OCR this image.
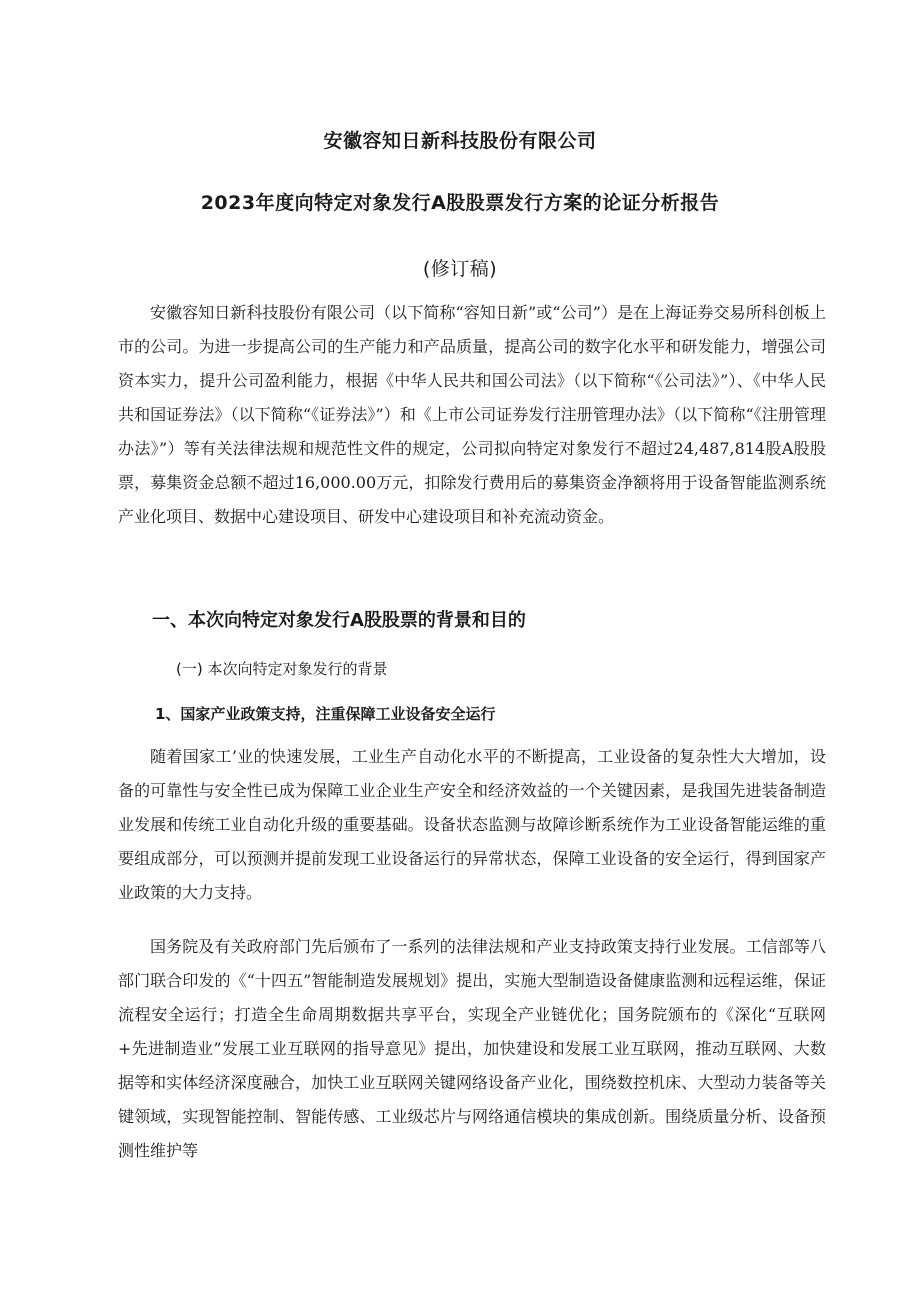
安徽容知日新科技股份有限公司
2023年度向特定对象发行A股股票发行方案的论证分析报告
(修订稿)

安徽容知日新科技股份有限公司（以下简称“容知日新”或“公司”）是在上海证券交易所科创板上市的公司。为进一步提高公司的生产能力和产品质量，提高公司的数字化水平和研发能力，增强公司资本实力，提升公司盈利能力，根据《中华人民共和国公司法》（以下简称“《公司法》”）、《中华人民共和国证券法》（以下简称“《证券法》”）和《上市公司证券发行注册管理办法》（以下简称“《注册管理办法》”）等有关法律法规和规范性文件的规定，公司拟向特定对象发行不超过24,487,814股A股股票，募集资金总额不超过16,000.00万元，扣除发行费用后的募集资金净额将用于设备智能监测系统产业化项目、数据中心建设项目、研发中心建设项目和补充流动资金。

一、本次向特定对象发行A股股票的背景和目的
(一) 本次向特定对象发行的背景
1、国家产业政策支持，注重保障工业设备安全运行

随着国家工’业的快速发展，工业生产自动化水平的不断提高，工业设备的复杂性大大增加，设备的可靠性与安全性已成为保障工业企业生产安全和经济效益的一个关键因素，是我国先进装备制造业发展和传统工业自动化升级的重要基础。设备状态监测与故障诊断系统作为工业设备智能运维的重要组成部分，可以预测并提前发现工业设备运行的异常状态，保障工业设备的安全运行，得到国家产业政策的大力支持。

国务院及有关政府部门先后颁布了一系列的法律法规和产业支持政策支持行业发展。工信部等八部门联合印发的《“十四五”智能制造发展规划》提出，实施大型制造设备健康监测和远程运维，保证流程安全运行；打造全生命周期数据共享平台，实现全产业链优化；国务院颁布的《深化“互联网+先进制造业”发展工业互联网的指导意见》提出，加快建设和发展工业互联网，推动互联网、大数据等和实体经济深度融合，加快工业互联网关键网络设备产业化，围绕数控机床、大型动力装备等关键领域，实现智能控制、智能传感、工业级芯片与网络通信模块的集成创新。围绕质量分析、设备预测性维护等
